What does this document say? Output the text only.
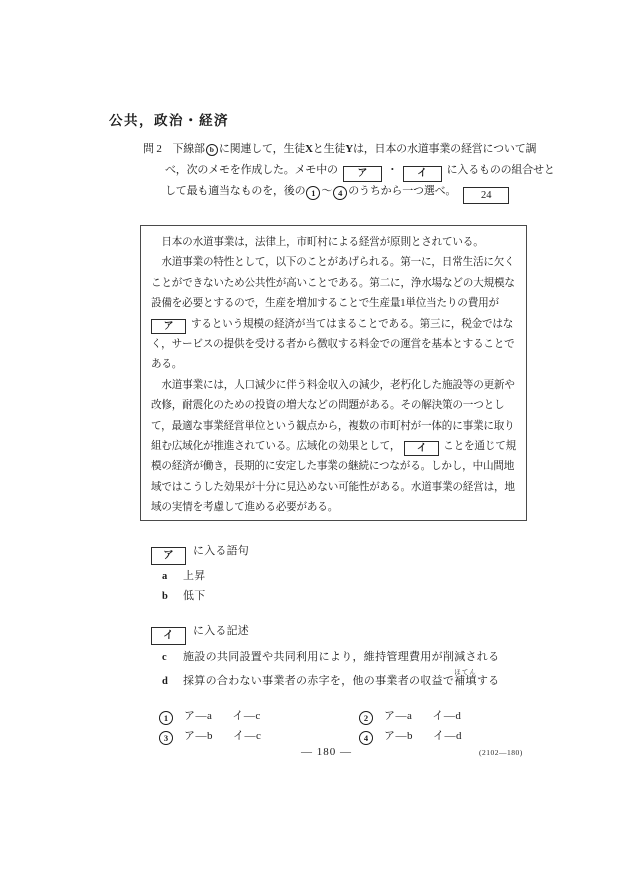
公共，政治・経済
問 2　下線部 b に関連して，生徒Xと生徒Yは，日本の水道事業の経営について調
べ，次のメモを作成した。メモ中の ア ・ イ に入るものの組合せと
して最も適当なものを，後の 1 ～ 4 のうちから一つ選べ。 24
　日本の水道事業は，法律上，市町村による経営が原則とされている。
　水道事業の特性として，以下のことがあげられる。第一に，日常生活に欠く
ことができないため公共性が高いことである。第二に，浄水場などの大規模な
設備を必要とするので，生産を増加することで生産量1単位当たりの費用が
ア するという規模の経済が当てはまることである。第三に，税金ではな
く，サービスの提供を受ける者から徴収する料金での運営を基本とすることで
ある。
　水道事業には，人口減少に伴う料金収入の減少，老朽化した施設等の更新や
改修，耐震化のための投資の増大などの問題がある。その解決策の一つとし
て，最適な事業経営単位という観点から，複数の市町村が一体的に事業に取り
組む広域化が推進されている。広域化の効果として， イ ことを通じて規
模の経済が働き，長期的に安定した事業の継続につながる。しかし，中山間地
域ではこうした効果が十分に見込めない可能性がある。水道事業の経営は，地
域の実情を考慮して進める必要がある。
ア に入る語句
a 上昇
b 低下
イ に入る記述
c 施設の共同設置や共同利用により，維持管理費用が削減される
d 採算の合わない事業者の赤字を，他の事業者の収益で補填ほてんする
1 ア―a イ―c	2 ア―a イ―d
3 ア―b イ―c	4 ア―b イ―d
― 180 ―	(2102―180)
